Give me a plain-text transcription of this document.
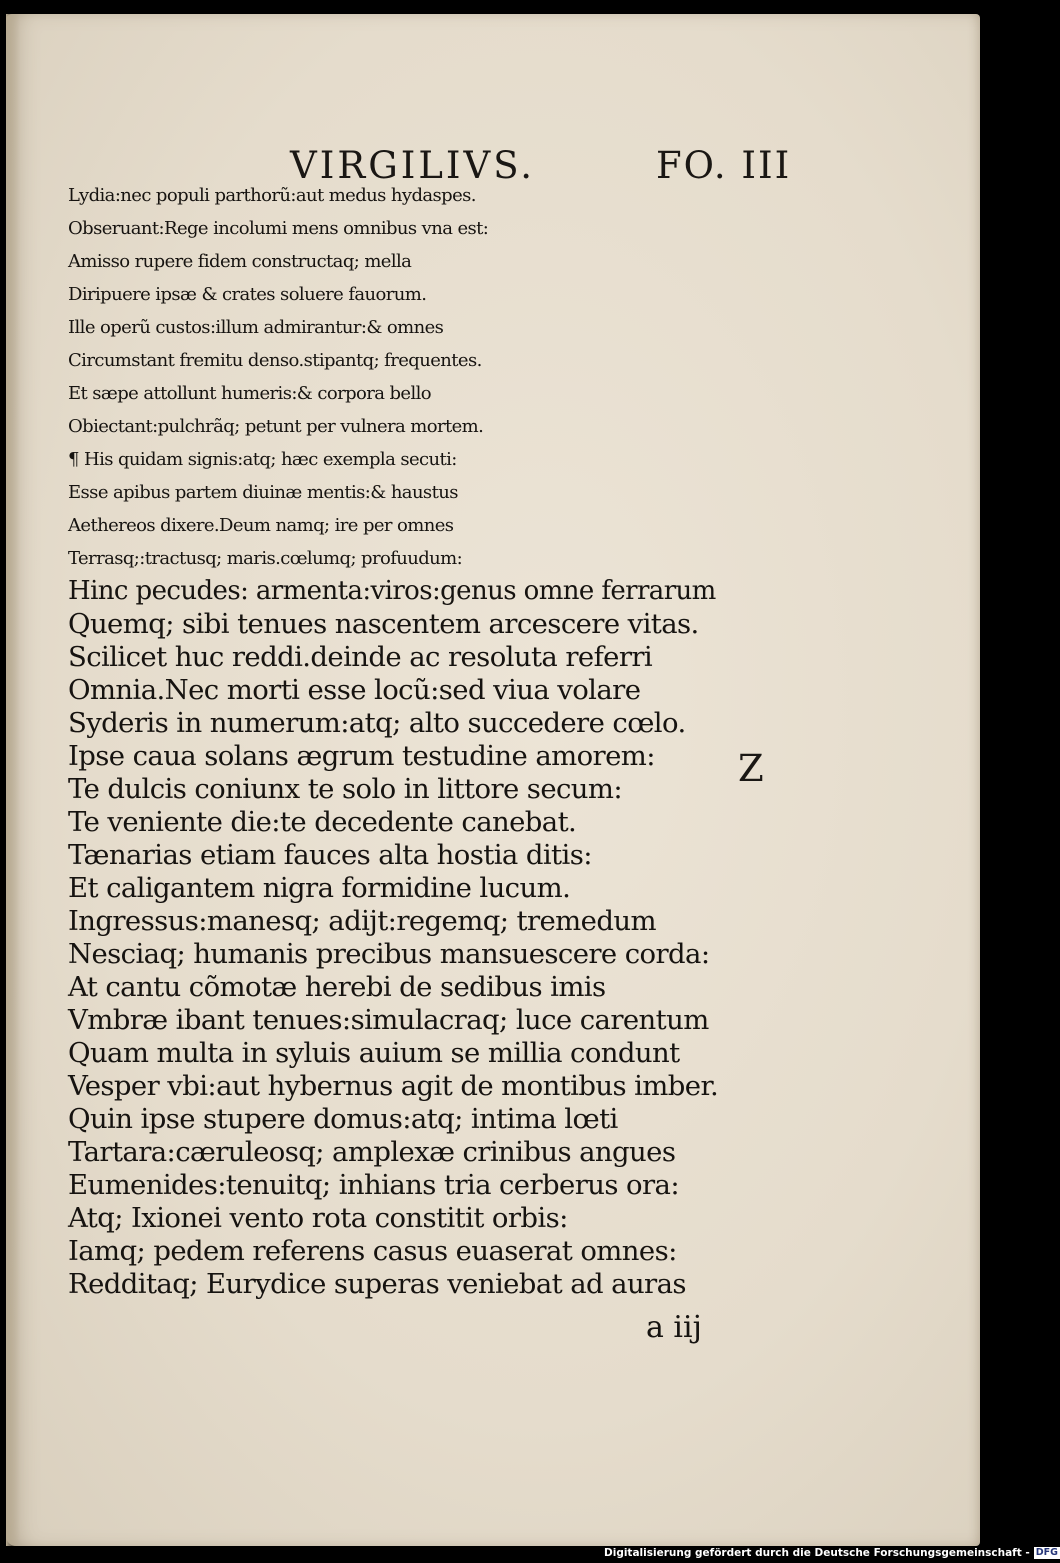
VIRGILIVS.	FO. III
Lydia:nec populi parthorũ:aut medus hydaspes.
Obseruant:Rege incolumi mens omnibus vna est:
Amisso rupere fidem constructaq; mella
Diripuere ipsæ & crates soluere fauorum.
Ille operũ custos:illum admirantur:& omnes
Circumstant fremitu denso.stipantq; frequentes.
Et sæpe attollunt humeris:& corpora bello
Obiectant:pulchrãq; petunt per vulnera mortem.
¶ His quidam signis:atq; hæc exempla secuti:
Esse apibus partem diuinæ mentis:& haustus
Aethereos dixere.Deum namq; ire per omnes
Terrasq;:tractusq; maris.cœlumq; profuudum:
Hinc pecudes: armenta:viros:genus omne ferrarum
Quemq; sibi tenues nascentem arcescere vitas.
Scilicet huc reddi.deinde ac resoluta referri
Omnia.Nec morti esse locũ:sed viua volare
Syderis in numerum:atq; alto succedere cœlo.
Ipse caua solans ægrum testudine amorem:
Te dulcis coniunx te solo in littore secum:
Te veniente die:te decedente canebat.
Tænarias etiam fauces alta hostia ditis:
Et caligantem nigra formidine lucum.
Ingressus:manesq; adijt:regemq; tremedum
Nesciaq; humanis precibus mansuescere corda:
At cantu cõmotæ herebi de sedibus imis
Vmbræ ibant tenues:simulacraq; luce carentum
Quam multa in syluis auium se millia condunt
Vesper vbi:aut hybernus agit de montibus imber.
Quin ipse stupere domus:atq; intima lœti
Tartara:cæruleosq; amplexæ crinibus angues
Eumenides:tenuitq; inhians tria cerberus ora:
Atq; Ixionei vento rota constitit orbis:
Iamq; pedem referens casus euaserat omnes:
Redditaq; Eurydice superas veniebat ad auras
Z
a iij
Digitalisierung gefördert durch die Deutsche Forschungsgemeinschaft - DFG
